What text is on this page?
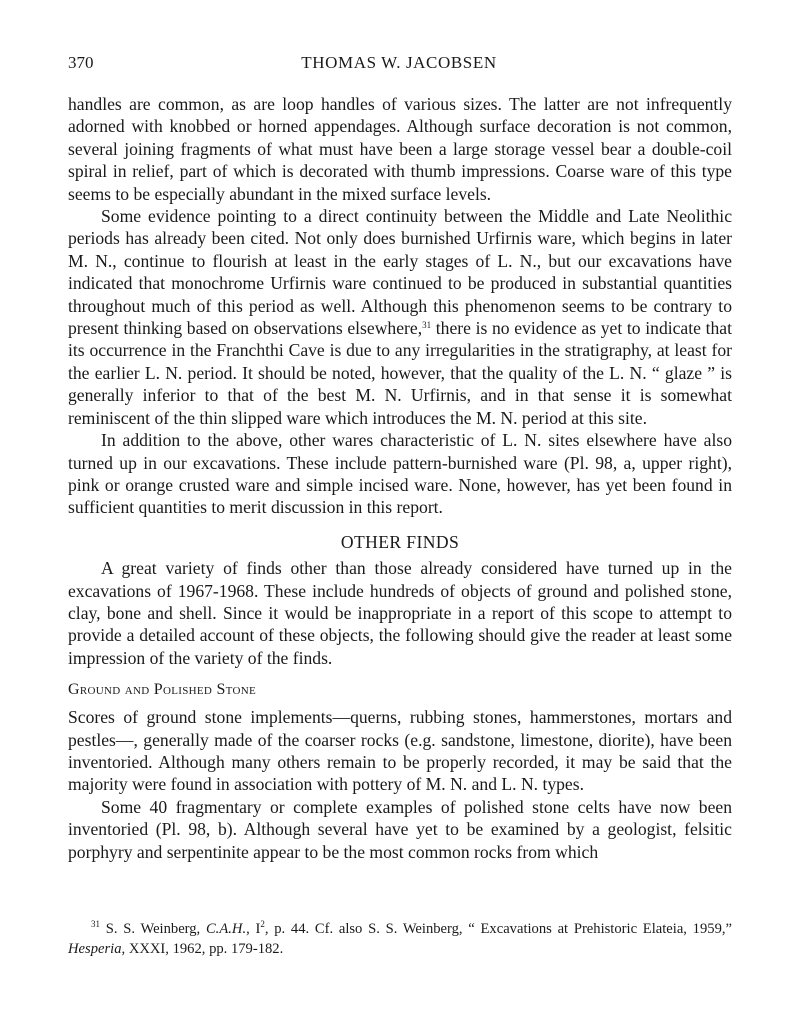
370	THOMAS W. JACOBSEN

handles are common, as are loop handles of various sizes. The latter are not infrequently adorned with knobbed or horned appendages. Although surface decoration is not common, several joining fragments of what must have been a large storage vessel bear a double-coil spiral in relief, part of which is decorated with thumb impressions. Coarse ware of this type seems to be especially abundant in the mixed surface levels.

Some evidence pointing to a direct continuity between the Middle and Late Neolithic periods has already been cited. Not only does burnished Urfirnis ware, which begins in later M. N., continue to flourish at least in the early stages of L. N., but our excavations have indicated that monochrome Urfirnis ware continued to be produced in substantial quantities throughout much of this period as well. Although this phenomenon seems to be contrary to present thinking based on observations elsewhere,$^{31}$ there is no evidence as yet to indicate that its occurrence in the Franchthi Cave is due to any irregularities in the stratigraphy, at least for the earlier L. N. period. It should be noted, however, that the quality of the L. N. “ glaze ” is generally inferior to that of the best M. N. Urfirnis, and in that sense it is somewhat reminiscent of the thin slipped ware which introduces the M. N. period at this site.

In addition to the above, other wares characteristic of L. N. sites elsewhere have also turned up in our excavations. These include pattern-burnished ware (Pl. 98, a, upper right), pink or orange crusted ware and simple incised ware. None, however, has yet been found in sufficient quantities to merit discussion in this report.

OTHER FINDS

A great variety of finds other than those already considered have turned up in the excavations of 1967-1968. These include hundreds of objects of ground and polished stone, clay, bone and shell. Since it would be inappropriate in a report of this scope to attempt to provide a detailed account of these objects, the following should give the reader at least some impression of the variety of the finds.

Ground and Polished Stone

Scores of ground stone implements—querns, rubbing stones, hammerstones, mortars and pestles—, generally made of the coarser rocks (e.g. sandstone, limestone, diorite), have been inventoried. Although many others remain to be properly recorded, it may be said that the majority were found in association with pottery of M. N. and L. N. types.

Some 40 fragmentary or complete examples of polished stone celts have now been inventoried (Pl. 98, b). Although several have yet to be examined by a geologist, felsitic porphyry and serpentinite appear to be the most common rocks from which

$^{31}$ S. S. Weinberg, C.A.H., $I^2$, p. 44. Cf. also S. S. Weinberg, “ Excavations at Prehistoric Elateia, 1959,” Hesperia, XXXI, 1962, pp. 179-182.
